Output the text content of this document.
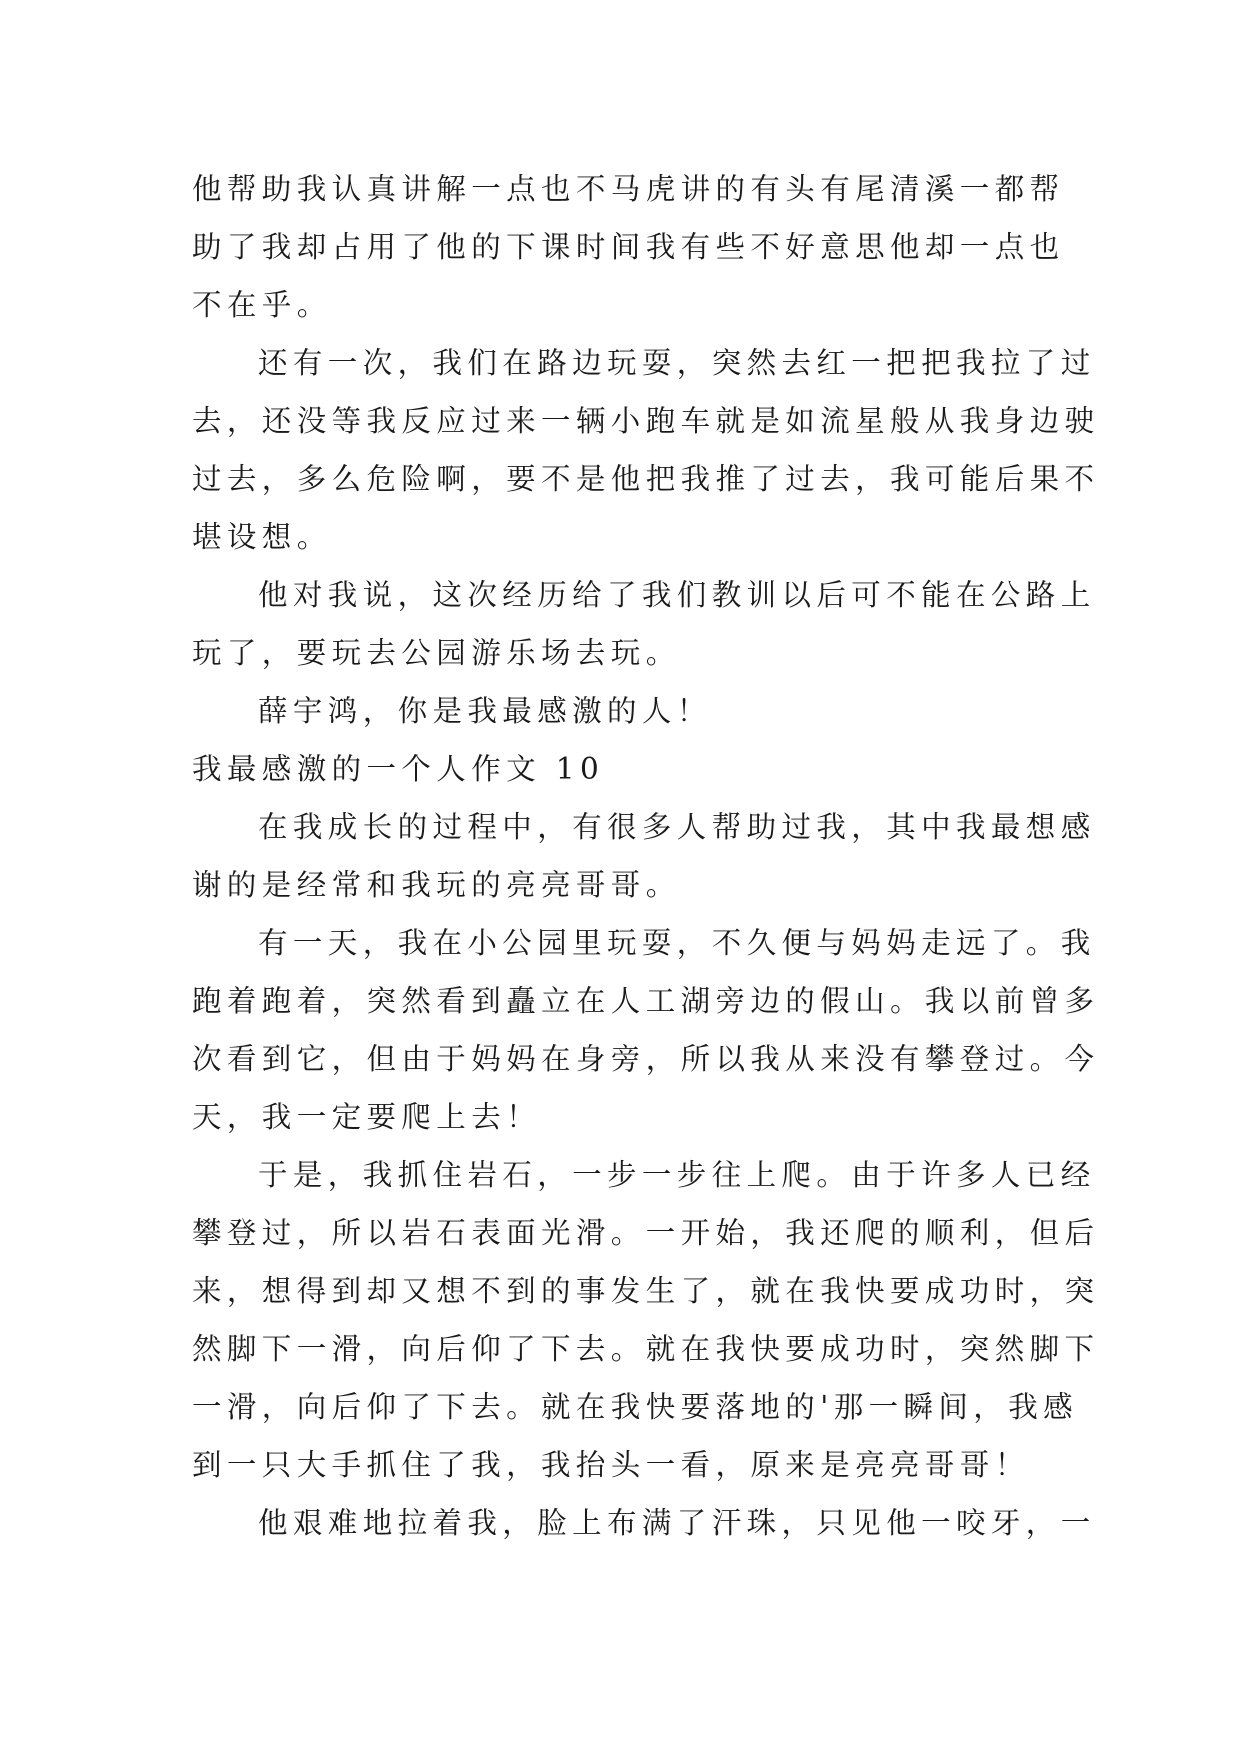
他帮助我认真讲解一点也不马虎讲的有头有尾清溪一都帮
助了我却占用了他的下课时间我有些不好意思他却一点也
不在乎。
还有一次，我们在路边玩耍，突然去红一把把我拉了过
去，还没等我反应过来一辆小跑车就是如流星般从我身边驶
过去，多么危险啊，要不是他把我推了过去，我可能后果不
堪设想。
他对我说，这次经历给了我们教训以后可不能在公路上
玩了，要玩去公园游乐场去玩。
薛宇鸿，你是我最感激的人！
我最感激的一个人作文 10
在我成长的过程中，有很多人帮助过我，其中我最想感
谢的是经常和我玩的亮亮哥哥。
有一天，我在小公园里玩耍，不久便与妈妈走远了。我
跑着跑着，突然看到矗立在人工湖旁边的假山。我以前曾多
次看到它，但由于妈妈在身旁，所以我从来没有攀登过。今
天，我一定要爬上去！
于是，我抓住岩石，一步一步往上爬。由于许多人已经
攀登过，所以岩石表面光滑。一开始，我还爬的顺利，但后
来，想得到却又想不到的事发生了，就在我快要成功时，突
然脚下一滑，向后仰了下去。就在我快要成功时，突然脚下
一滑，向后仰了下去。就在我快要落地的'那一瞬间，我感
到一只大手抓住了我，我抬头一看，原来是亮亮哥哥！
他艰难地拉着我，脸上布满了汗珠，只见他一咬牙，一
